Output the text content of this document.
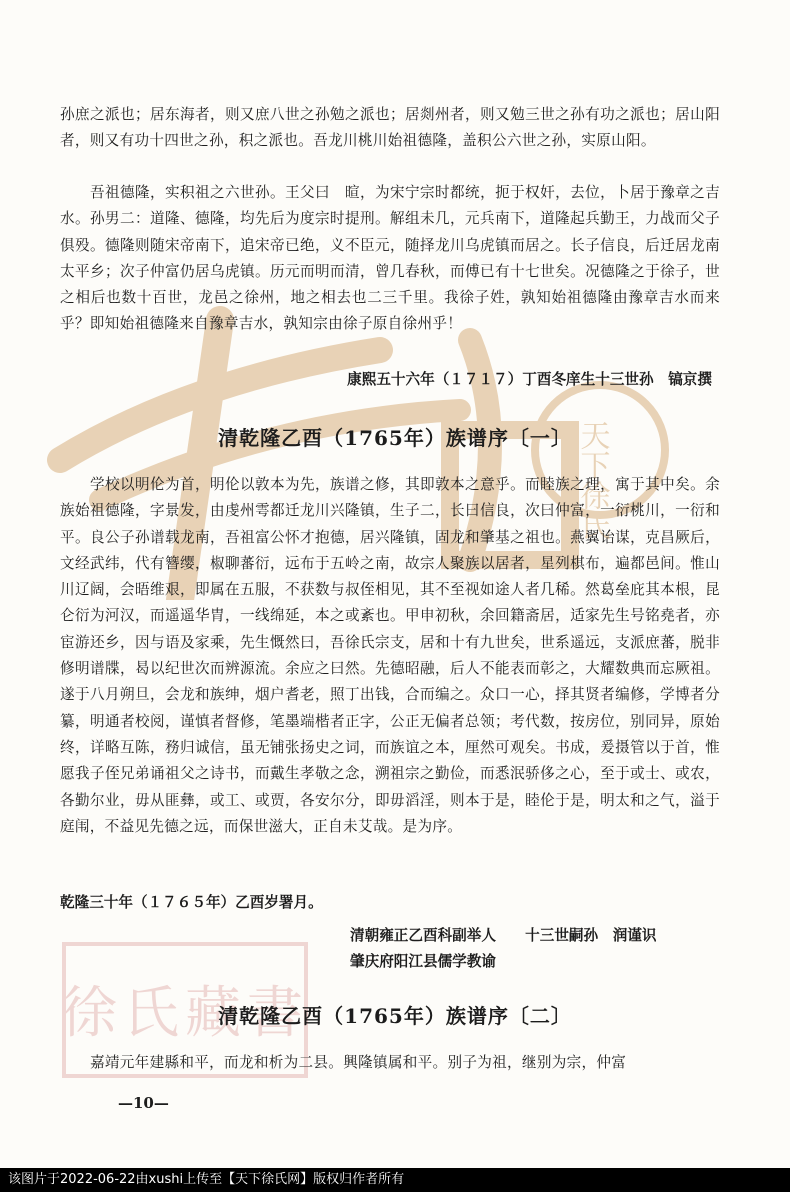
天下徐氏
徐氏藏書

孙庶之派也；居东海者，则又庶八世之孙勉之派也；居剡州者，则又勉三世之孙有功之派也；居山阳者，则又有功十四世之孙，积之派也。吾龙川桃川始祖德隆，盖积公六世之孙，实原山阳。

吾祖德隆，实积祖之六世孙。王父曰　暄，为宋宁宗时都统，扼于权奸，去位，卜居于豫章之吉水。孙男二：道隆、德隆，均先后为度宗时提刑。解组未几，元兵南下，道隆起兵勤王，力战而父子俱殁。德隆则随宋帝南下，追宋帝已绝，义不臣元，随择龙川乌虎镇而居之。长子信良，后迁居龙南太平乡；次子仲富仍居乌虎镇。历元而明而清，曾几春秋，而傅已有十七世矣。况德隆之于徐子，世之相后也数十百世，龙邑之徐州，地之相去也二三千里。我徐子姓，孰知始祖德隆由豫章吉水而来乎？即知始祖德隆来自豫章吉水，孰知宗由徐子原自徐州乎！

康熙五十六年（１７１７）丁酉冬庠生十三世孙　镐京撰

清乾隆乙酉（1765年）族谱序〔一〕

学校以明伦为首，明伦以敦本为先，族谱之修，其即敦本之意乎。而睦族之理，寓于其中矣。余族始祖德隆，字景发，由虔州雩都迁龙川兴隆镇，生子二，长曰信良，次曰仲富，一衍桃川，一衍和平。良公子孙谱载龙南，吾祖富公怀才抱德，居兴隆镇，固龙和肇基之祖也。燕翼诒谋，克昌厥后，文经武纬，代有簪缨，椒聊蕃衍，远布于五岭之南，故宗人聚族以居者，星列棋布，遍都邑间。惟山川辽阔，会晤维艰，即属在五服，不获数与叔侄相见，其不至视如途人者几稀。然葛垒庇其本根，昆仑衍为河汉，而遥遥华胄，一线绵延，本之或紊也。甲申初秋，余回籍斋居，适家先生号铭堯者，亦宦游还乡，因与语及家乘，先生慨然曰，吾徐氏宗支，居和十有九世矣，世系遥远，支派庶蕃，脱非修明谱牒，曷以纪世次而辨源流。余应之曰然。先德昭融，后人不能表而彰之，大耀数典而忘厥祖。遂于八月朔旦，会龙和族绅，烟户耆老，照丁出钱，合而编之。众口一心，择其贤者编修，学博者分纂，明通者校阅，谨慎者督修，笔墨端楷者正字，公正无偏者总领；考代数，按房位，别同异，原始终，详略互陈，務归诚信，虽无铺张扬史之词，而族谊之本，厘然可观矣。书成，爰摄管以于首，惟愿我子侄兄弟诵祖父之诗书，而戴生孝敬之念，溯祖宗之勤俭，而悉泯骄侈之心，至于或士、或农，各勤尔业，毋从匪彝，或工、或贾，各安尔分，即毋滔淫，则本于是，睦伦于是，明太和之气，溢于庭闱，不益见先德之远，而保世滋大，正自未艾哉。是为序。

乾隆三十年（１７６５年）乙酉岁署月。

清朝雍正乙酉科副举人　　十三世嗣孙　润谨识

肇庆府阳江县儒学教谕

清乾隆乙酉（1765年）族谱序〔二〕

嘉靖元年建縣和平，而龙和析为二县。興隆镇属和平。别子为祖，继别为宗，仲富

—10—

该图片于2022-06-22由xushi上传至【天下徐氏网】版权归作者所有
